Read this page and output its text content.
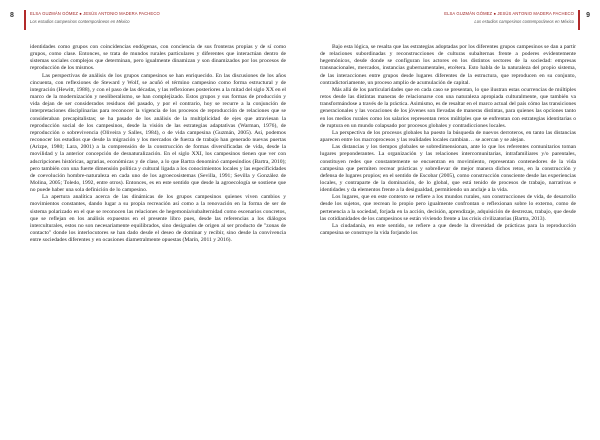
8	ELSA GUZMÁN GÓMEZ ● JESÚS ANTONIO MADERA PACHECO
Los estudios campesinos contemporáneos en México

identidades como grupos con coincidencias endógenas, con conciencia de sus fronteras propias y de sí como grupos, como clase. Entonces, se trata de mundos rurales particulares y diferentes que interactúan dentro de sistemas sociales complejos que determinan, pero igualmente dinamizan y son dinamizados por los procesos de reproducción de los mismos.

Las perspectivas de análisis de los grupos campesinos se han enriquecido. En las discusiones de los años cincuenta, con reflexiones de Steward y Wolf, se acuñó el término campesino como forma estructural y de integración (Hewitt, 1988), y con el paso de las décadas, y las reflexiones posteriores a la mitad del siglo XX en el marco de la modernización y neoliberalismo, se han complejizado. Estos grupos y sus formas de producción y vida dejan de ser considerados residuos del pasado, y por el contrario, hoy se recurre a la conjunción de interpretaciones disciplinarias para reconocer la vigencia de los procesos de reproducción de relaciones que se consideraban precapitalistas; se ha pasado de los análisis de la multiplicidad de ejes que atraviesan la reproducción social de los campesinos, desde la visión de las estrategias adaptativas (Warman, 1976), de reproducción o sobrevivencia (Oliveira y Salles, 1984), o de vida campesina (Guzmán, 2005). Así, podemos reconocer los estudios que desde la migración y los mercados de fuerza de trabajo han generado nuevas puertas (Arizpe, 1980; Lara, 2001) a la comprensión de la construcción de formas diversificadas de vida, desde la movilidad y la anterior concepción de desnaturalización. En el siglo XXI, los campesinos tienen que ver con adscripciones históricas, agrarias, económicas y de clase, a lo que Bartra denominó campesindios (Bartra, 2010); pero también con una fuerte dimensión política y cultural ligada a los conocimientos locales y las especificidades de coevolución hombre-naturaleza en cada uno de los agroecosistemas (Sevilla, 1991; Sevilla y González de Molina, 2005; Toledo, 1992, entre otros). Entonces, es en este sentido que desde la agroecología se sostiene que no puede haber una sola definición de lo campesino.

La apertura analítica acerca de las dinámicas de los grupos campesinos quienes viven cambios y movimientos constantes, dando lugar a su propia recreación así como a la renovación en la forma de ser de sistema polarizado en el que se reconocen las relaciones de hegemonía/subalternidad como escenarios concretos, que se reflejan en los análisis expuestos en el presente libro pues, desde las referencias a los diálogos interculturales, estos no son necesariamente equilibrados, sino desiguales de origen al ser producto de "zonas de contacto" donde los interlocutores se han dado desde el deseo de dominar y recibir, sino desde la convivencia entre sociedades diferentes y en ocasiones diametralmente opuestas (Marín, 2011 y 2016).

ELSA GUZMÁN GÓMEZ ● JESÚS ANTONIO MADERA PACHECO
Los estudios campesinos contemporáneos en México
9

Bajo esta lógica, se resalta que las estrategias adoptadas por los diferentes grupos campesinos se dan a partir de relaciones subordinadas y reconstrucciones de culturas subalternas frente a poderes evidentemente hegemónicos, desde donde se configuran los actores en los distintos sectores de la sociedad: empresas transnacionales, mercados, instancias gubernamentales, etcétera. Esto habla de la naturaleza del propio sistema, de las interacciones entre grupos desde lugares diferentes de la estructura, que reproducen en su conjunto, contradictoriamente, un proceso amplio de acumulación de capital.

Más allá de los particularidades que en cada caso se presentan, lo que ilustran estas ocurrencias de múltiples retos desde las distintas maneras de relacionarse con una naturaleza apropiada culturalmente, que también va transformándose a través de la práctica. Asimismo, es de resaltar en el marco actual del país cómo las transiciones generacionales y las vocaciones de los jóvenes son llevadas de maneras distintas, para quienes las opciones tanto en los medios rurales como los salarios representan retos múltiples que se enfrentan con estrategias identitarias o de ruptura en un mundo colapsado por procesos globales y contradicciones locales.

La perspectiva de los procesos globales ha puesto la búsqueda de nuevos derroteros, en tanto las distancias aparecen entre los macroprocesos y las realidades locales cambian… se acercan y se alejan.

Las distancias y los tiempos globales se sobredimensionan, ante lo que los referentes comunitarios toman lugares preponderantes. La organización y las relaciones intercomunitarias, intrafamiliares y/o parentales, constituyen redes que constantemente se encuentran en movimiento, representan contenedores de la vida campesina que permiten recrear prácticas y sobrellevar de mejor manera dichos retos, en la construcción y defensa de lugares propios; en el sentido de Escobar (2005), como construcción consciente desde las experiencias locales, y contraparte de la dominación, de lo global, que está tenido de procesos de trabajo, narrativas e identidades y da elementos frente a la desigualdad, permitiendo un anclaje a la vida.

Los lugares, que en este contexto se refiere a los mundos rurales, son construcciones de vida, de desarrollo desde los sujetos, que recrean lo propio pero igualmente confrontan o reflexionan sobre lo externo, como de pertenencia a la sociedad, forjada en la acción, decisión, aprendizaje, adquisición de destrezas, trabajo, que desde las cotidianidades de los campesinos se están viviendo frente a las crisis civilizatorias (Bartra, 2013).

La ciudadanía, en este sentido, se refiere a que desde la diversidad de prácticas para la reproducción campesina se construye la vida forjando los
